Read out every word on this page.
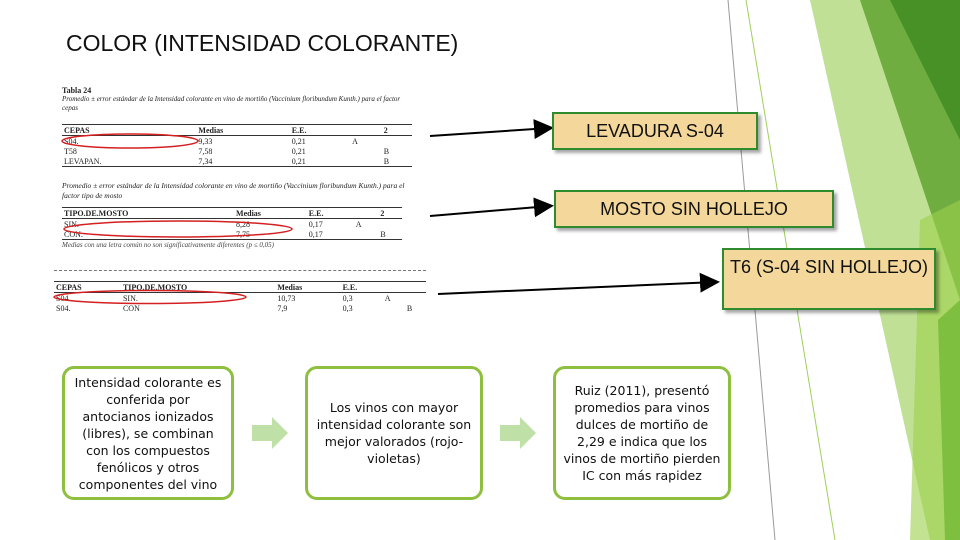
COLOR (INTENSIDAD COLORANTE)
Tabla 24
Promedio ± error estándar de la Intensidad colorante en vino de mortiño (Vaccinium floribundum Kunth.) para el factor cepas
CEPAS	Medias	E.E.		2
S04.	9,33	0,21	A	
T58	7,58	0,21		B
LEVAPAN.	7,34	0,21		B
Promedio ± error estándar de la Intensidad colorante en vino de mortiño (Vaccinium floribundum Kunth.) para el factor tipo de mosto
TIPO.DE.MOSTO	Medias	E.E.		2
SIN.	8,28	0,17	A	
CON.	7,75	0,17		B
Medias con una letra común no son significativamente diferentes (p ≤ 0,05)
CEPAS	TIPO.DE.MOSTO	Medias	E.E.		
S04.	SIN.	10,73	0,3	A	
S04.	CON	7,9	0,3		B
LEVADURA S-04
MOSTO SIN HOLLEJO
T6 (S-04 SIN HOLLEJO)
Intensidad colorante es conferida por antocianos ionizados (libres), se combinan con los compuestos fenólicos y otros componentes del vino
Los vinos con mayor intensidad colorante son mejor valorados (rojo-violetas)
Ruiz (2011), presentó promedios para vinos dulces de mortiño de 2,29 e indica que los vinos de mortiño pierden IC con más rapidez
